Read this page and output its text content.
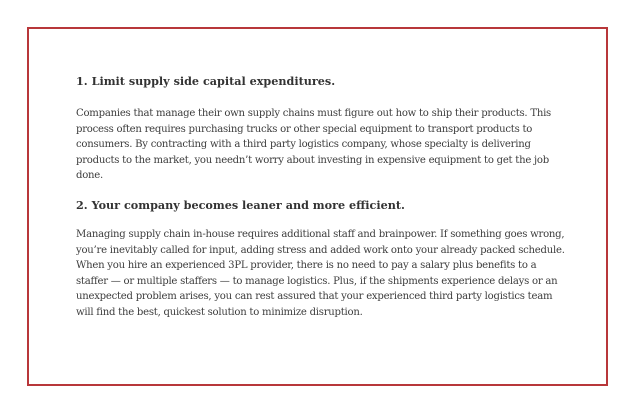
1. Limit supply side capital expenditures.

Companies that manage their own supply chains must figure out how to ship their products. This process often requires purchasing trucks or other special equipment to transport products to consumers. By contracting with a third party logistics company, whose specialty is delivering products to the market, you needn’t worry about investing in expensive equipment to get the job done.

2. Your company becomes leaner and more efficient.

Managing supply chain in-house requires additional staff and brainpower. If something goes wrong, you’re inevitably called for input, adding stress and added work onto your already packed schedule. When you hire an experienced 3PL provider, there is no need to pay a salary plus benefits to a staffer — or multiple staffers — to manage logistics. Plus, if the shipments experience delays or an unexpected problem arises, you can rest assured that your experienced third party logistics team will find the best, quickest solution to minimize disruption.
